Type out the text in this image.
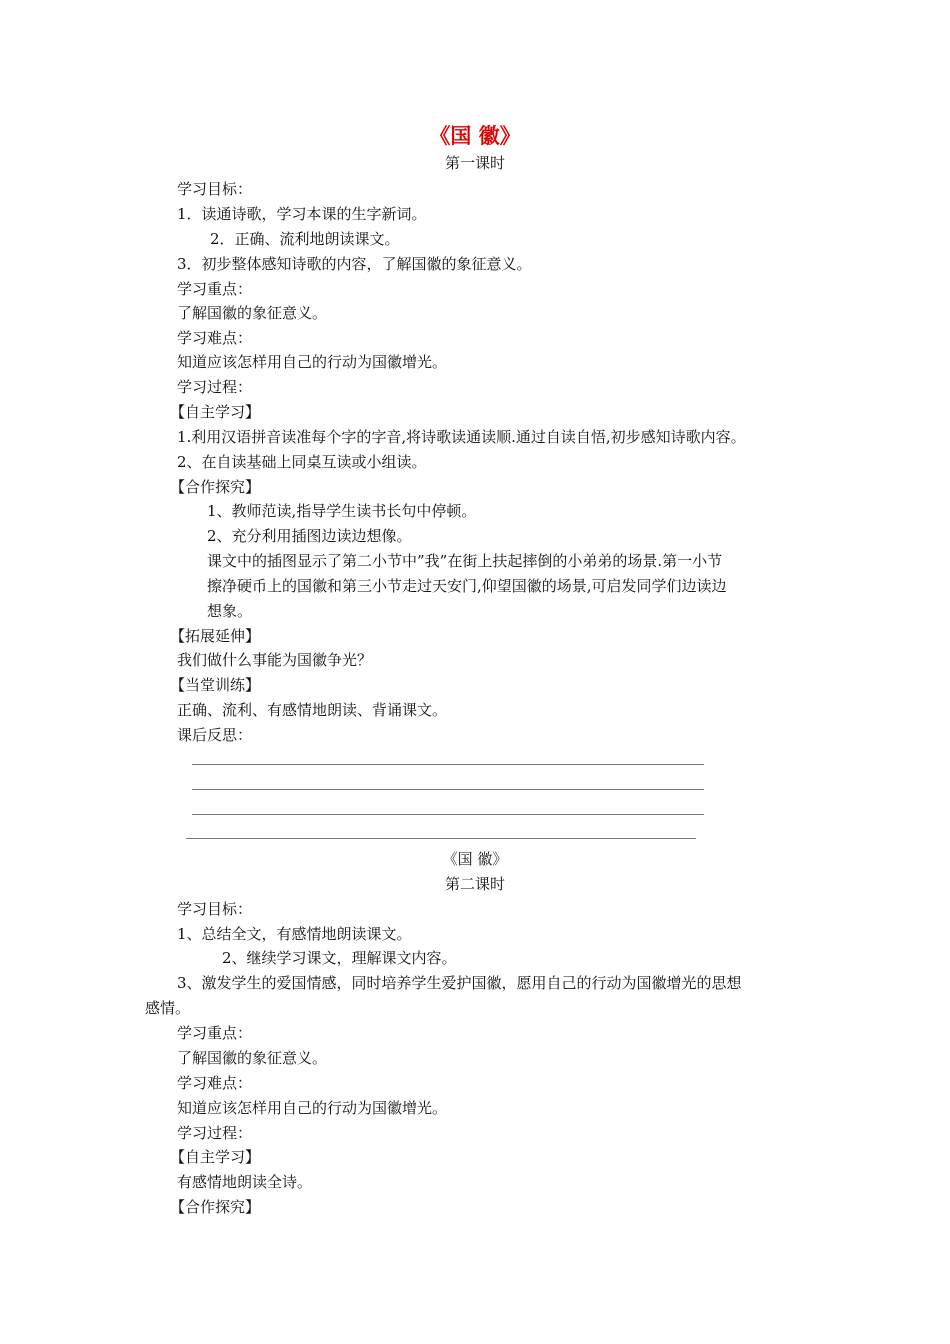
《国 徽》
第一课时
学习目标：
1．读通诗歌，学习本课的生字新词。
2．正确、流利地朗读课文。
3．初步整体感知诗歌的内容，了解国徽的象征意义。
学习重点：
了解国徽的象征意义。
学习难点：
知道应该怎样用自己的行动为国徽增光。
学习过程：
【自主学习】
1.利用汉语拼音读准每个字的字音,将诗歌读通读顺.通过自读自悟,初步感知诗歌内容。
2、在自读基础上同桌互读或小组读。
【合作探究】
1、教师范读,指导学生读书长句中停顿。
2、充分利用插图边读边想像。
课文中的插图显示了第二小节中”我”在街上扶起摔倒的小弟弟的场景.第一小节
擦净硬币上的国徽和第三小节走过天安门,仰望国徽的场景,可启发同学们边读边
想象。
【拓展延伸】
我们做什么事能为国徽争光？
【当堂训练】
正确、流利、有感情地朗读、背诵课文。
课后反思：
《国 徽》
第二课时
学习目标：
1、总结全文，有感情地朗读课文。
2、继续学习课文，理解课文内容。
3、激发学生的爱国情感，同时培养学生爱护国徽，愿用自己的行动为国徽增光的思想
感情。
学习重点：
了解国徽的象征意义。
学习难点：
知道应该怎样用自己的行动为国徽增光。
学习过程：
【自主学习】
有感情地朗读全诗。
【合作探究】
